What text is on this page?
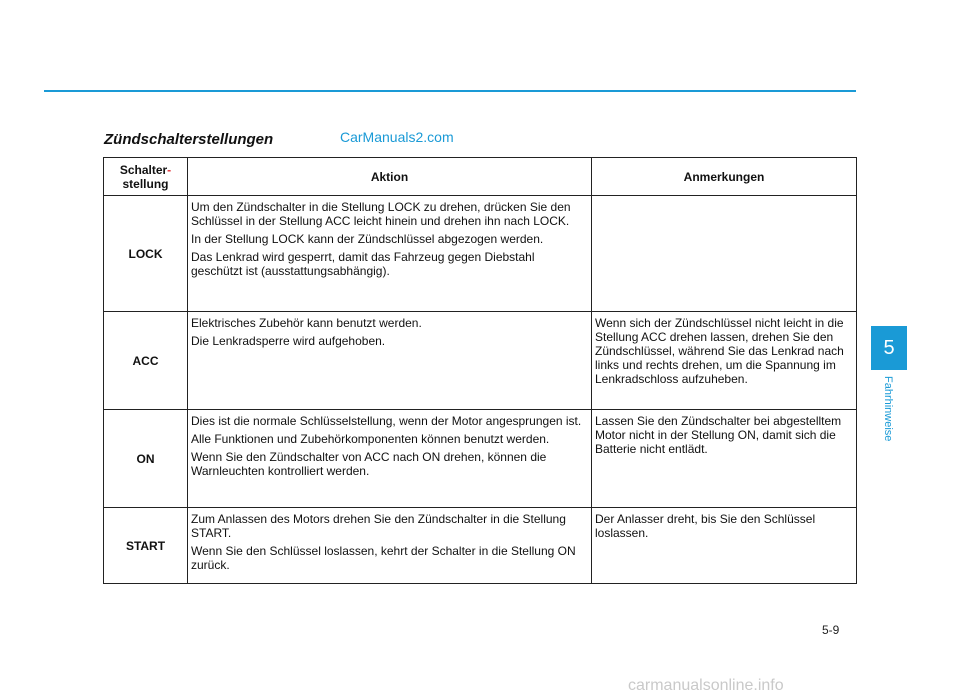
Zündschalterstellungen	CarManuals2.com
Schalter-
stellung	Aktion	Anmerkungen
LOCK	Um den Zündschalter in die Stellung LOCK zu drehen, drücken Sie den Schlüssel in der Stellung ACC leicht hinein und drehen ihn nach LOCK.

In der Stellung LOCK kann der Zündschlüssel abgezogen werden.

Das Lenkrad wird gesperrt, damit das Fahrzeug gegen Diebstahl geschützt ist (ausstattungsabhängig).	

ACC	Elektrisches Zubehör kann benutzt werden.

Die Lenkradsperre wird aufgehoben.	Wenn sich der Zündschlüssel nicht leicht in die Stellung ACC drehen lassen, drehen Sie den Zündschlüssel, während Sie das Lenkrad nach links und rechts drehen, um die Spannung im Lenkradschloss aufzuheben.
ON	Dies ist die normale Schlüsselstellung, wenn der Motor angesprungen ist.

Alle Funktionen und Zubehörkomponenten können benutzt werden.

Wenn Sie den Zündschalter von ACC nach ON drehen, können die Warnleuchten kontrolliert werden.	Lassen Sie den Zündschalter bei abgestelltem Motor nicht in der Stellung ON, damit sich die Batterie nicht entlädt.
START	Zum Anlassen des Motors drehen Sie den Zündschalter in die Stellung START.

Wenn Sie den Schlüssel loslassen, kehrt der Schalter in die Stellung ON zurück.	Der Anlasser dreht, bis Sie den Schlüssel loslassen.
5
Fahrhinweise
5-9
carmanualsonline.info
